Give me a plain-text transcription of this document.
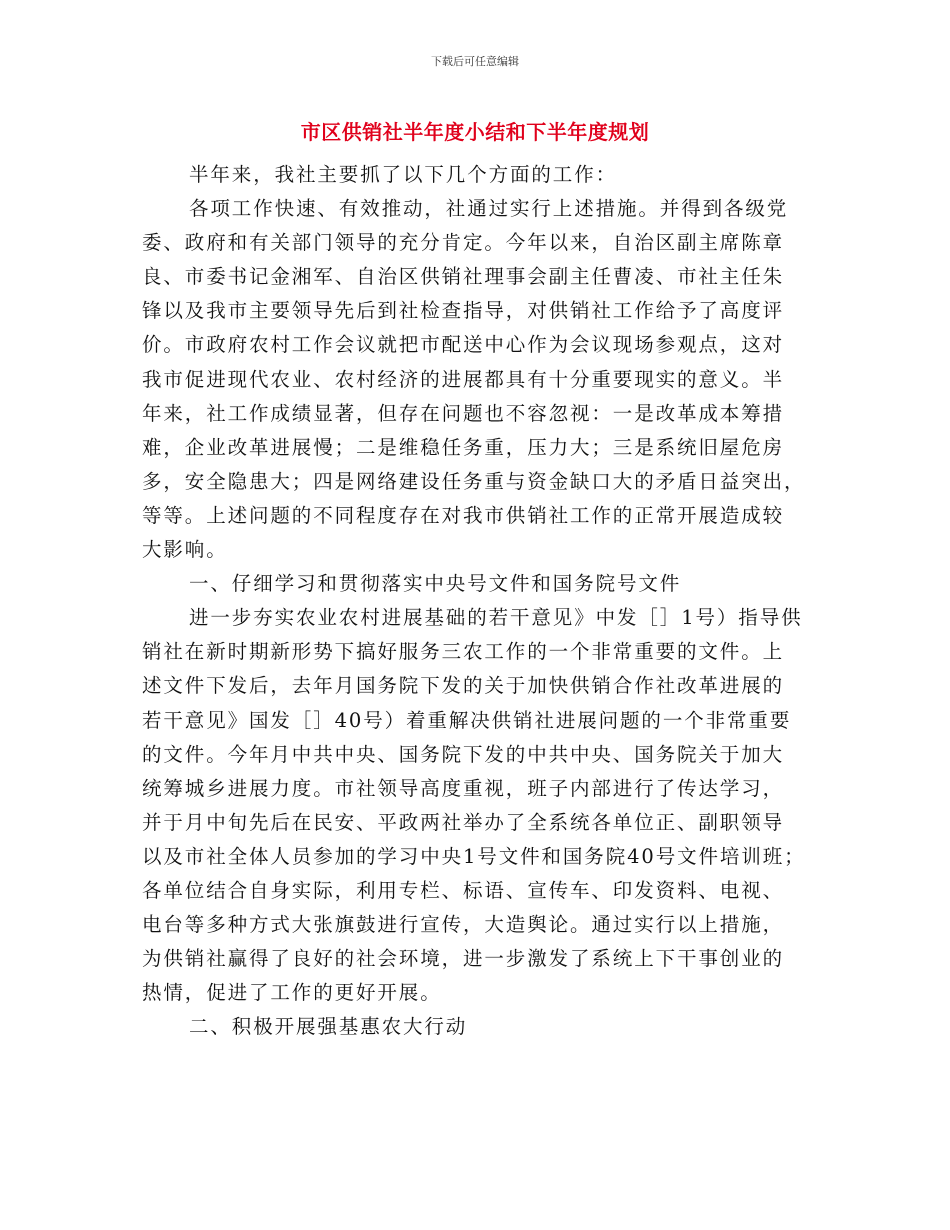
下载后可任意编辑
市区供销社半年度小结和下半年度规划
半年来，我社主要抓了以下几个方面的工作：
各项工作快速、有效推动，社通过实行上述措施。并得到各级党
委、政府和有关部门领导的充分肯定。今年以来，自治区副主席陈章
良、市委书记金湘军、自治区供销社理事会副主任曹凌、市社主任朱
锋以及我市主要领导先后到社检查指导，对供销社工作给予了高度评
价。市政府农村工作会议就把市配送中心作为会议现场参观点，这对
我市促进现代农业、农村经济的进展都具有十分重要现实的意义。半
年来，社工作成绩显著，但存在问题也不容忽视：一是改革成本筹措
难，企业改革进展慢；二是维稳任务重，压力大；三是系统旧屋危房
多，安全隐患大；四是网络建设任务重与资金缺口大的矛盾日益突出，
等等。上述问题的不同程度存在对我市供销社工作的正常开展造成较
大影响。
一、仔细学习和贯彻落实中央号文件和国务院号文件
进一步夯实农业农村进展基础的若干意见》中发［］1号）指导供
销社在新时期新形势下搞好服务三农工作的一个非常重要的文件。上
述文件下发后，去年月国务院下发的关于加快供销合作社改革进展的
若干意见》国发［］40号）着重解决供销社进展问题的一个非常重要
的文件。今年月中共中央、国务院下发的中共中央、国务院关于加大
统筹城乡进展力度。市社领导高度重视，班子内部进行了传达学习，
并于月中旬先后在民安、平政两社举办了全系统各单位正、副职领导
以及市社全体人员参加的学习中央1号文件和国务院40号文件培训班；
各单位结合自身实际，利用专栏、标语、宣传车、印发资料、电视、
电台等多种方式大张旗鼓进行宣传，大造舆论。通过实行以上措施，
为供销社赢得了良好的社会环境，进一步激发了系统上下干事创业的
热情，促进了工作的更好开展。
二、积极开展强基惠农大行动
